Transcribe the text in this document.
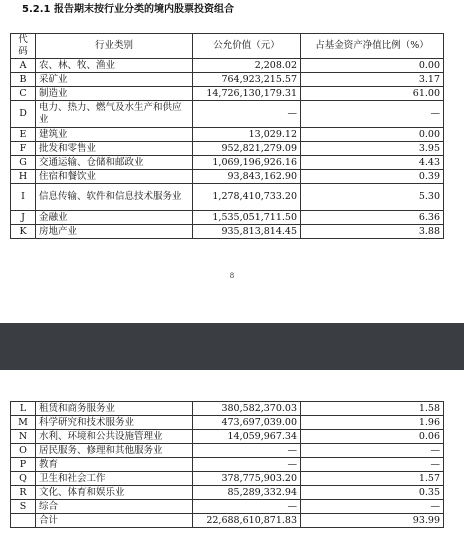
5.2.1 报告期末按行业分类的境内股票投资组合
代码	行业类别	公允价值（元）	占基金资产净值比例（%）
A	农、林、牧、渔业	2,208.02	0.00
B	采矿业	764,923,215.57	3.17
C	制造业	14,726,130,179.31	61.00
D	电力、热力、燃气及水生产和供应业	—	—
E	建筑业	13,029.12	0.00
F	批发和零售业	952,821,279.09	3.95
G	交通运输、仓储和邮政业	1,069,196,926.16	4.43
H	住宿和餐饮业	93,843,162.90	0.39
I	信息传输、软件和信息技术服务业	1,278,410,733.20	5.30
J	金融业	1,535,051,711.50	6.36
K	房地产业	935,813,814.45	3.88
8
L	租赁和商务服务业	380,582,370.03	1.58
M	科学研究和技术服务业	473,697,039.00	1.96
N	水利、环境和公共设施管理业	14,059,967.34	0.06
O	居民服务、修理和其他服务业	—	—
P	教育	—	—
Q	卫生和社会工作	378,775,903.20	1.57
R	文化、体育和娱乐业	85,289,332.94	0.35
S	综合	—	—
	合计	22,688,610,871.83	93.99
